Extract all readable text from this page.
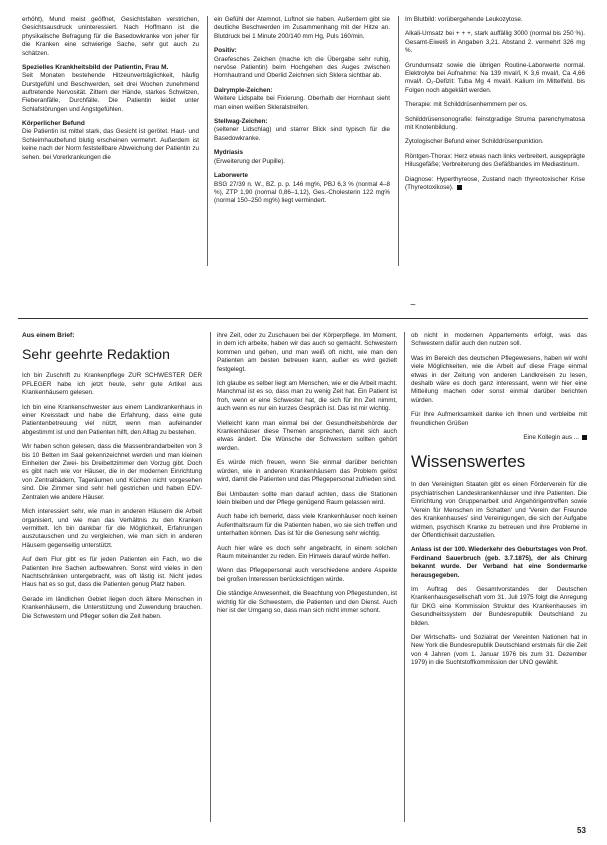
erhöht), Mund meist geöffnet, Gesichtsfalten verstrichen, Gesichtsausdruck uninteressiert. Nach Hoffmann ist die physikalische Befragung für die Basedowkranke von jeher für die Kranken eine schwierige Sache, sehr gut auch zu schätzen.

Spezielles Krankheitsbild der Patientin, Frau M.

Seit Monaten bestehende Hitzeunverträglichkeit, häufig Durstgefühl und Beschwerden, seit drei Wochen zunehmend auftretende Nervosität. Zittern der Hände, starkes Schwitzen, Fieberanfälle, Durchfälle. Die Patientin leidet unter Schlafstörungen und Angstgefühlen.

Körperlicher Befund

Die Patientin ist mittel stark, das Gesicht ist gerötet. Haut- und Schleimhautbefund blutig erscheinen vermehrt. Außerdem ist keine nach der Norm feststellbare Abweichung der Patientin zu sehen. bei Vorerkrankungen die

ein Gefühl der Atemnot, Luftnot sie haben. Außerdem gibt sie deutliche Beschwerden im Zusammenhang mit der Hitze an. Blutdruck bei 1 Minute 200/140 mm Hg, Puls 160/min.

Positiv:

Graefesches Zeichen (mache ich die Übergabe sehr ruhig, nervöse Patientin) beim Hochgehen des Auges zwischen Hornhautrand und Oberlid Zeichnen sich Sklera sichtbar ab.

Dalrymple-Zeichen:

Weitere Lidspalte bei Fixierung. Oberhalb der Hornhaut sieht man einen weißen Skleralstreifen.

Stellwag-Zeichen:

(seltener Lidschlag) und starrer Blick sind typisch für die Basedowkranke.

Mydriasis

(Erweiterung der Pupille).

Laborwerte

BSG 27/39 n. W., BZ. p. p. 146 mg%, PBJ 6,3 % (normal 4–8 %), ZTP 1,90 (normal 0,86–1,12), Ges.-Cholesterin 122 mg% (normal 150–250 mg%) liegt vermindert.

Im Blutbild: vorübergehende Leukozytose.

Alkali-Umsatz bei + + +, stark auffällig 3000 (normal bis 250 %). Gesamt-Eiweiß in Angaben 3,21. Abstand 2. vermehrt 326 mg %.

Grundumsatz sowie die übrigen Routine-Laborwerte normal. Elektrolyte bei Aufnahme: Na 139 mval/l, K 3,6 mval/l, Ca 4,66 mval/l. O₂-Defizit: Tuba Mg 4 mval/l. Kalium im Mittelfeld. bis Folgen noch abgeklärt werden.

Therapie: mit Schilddrüsenhemmern per os.

Schilddrüsensonografie: feinstgradige Struma parenchymatosa mit Knotenbildung.

Zytologischer Befund einer Schilddrüsenpunktion.

Röntgen-Thorax: Herz etwas nach links verbreitert, ausgeprägte Hilusgefäße; Verbreiterung des Gefäßbandes im Mediastinum.

Diagnose: Hyperthyreose, Zustand nach thyreotoxischer Krise (Thyreotoxikose).

~
Aus einem Brief:
Sehr geehrte Redaktion

Ich bin Zuschrift zu Krankenpflege ZUR SCHWESTER DER PFLEGER habe ich jetzt heute, sehr gute Artikel aus Krankenhäusern gelesen.

Ich bin eine Krankenschwester aus einem Landkrankenhaus in einer Kreisstadt und habe die Erfahrung, dass eine gute Patientenbetreuung viel nützt, wenn man aufeinander abgestimmt ist und den Patienten hilft, den Alltag zu bestehen.

Wir haben schon gelesen, dass die Massenbrandarbeiten von 3 bis 10 Betten im Saal gekennzeichnet werden und man kleinen Einheiten der Zwei- bis Dreibettzimmer den Vorzug gibt. Doch es gibt nach wie vor Häuser, die in der modernen Einrichtung von Zentralbädern, Tageräumen und Küchen nicht vorgesehen sind. Die Zimmer sind sehr hell gestrichen und haben EDV-Zentralen wie andere Häuser.

Mich interessiert sehr, wie man in anderen Häusern die Arbeit organisiert, und wie man das Verhältnis zu den Kranken vermittelt. Ich bin dankbar für die Möglichkeit, Erfahrungen auszutauschen und zu vergleichen, wie man sich in anderen Häusern gegenseitig unterstützt.

Auf dem Flur gibt es für jeden Patienten ein Fach, wo die Patienten ihre Sachen aufbewahren. Sonst wird vieles in den Nachtschränken untergebracht, was oft lästig ist. Nicht jedes Haus hat es so gut, dass die Patienten genug Platz haben.

Gerade im ländlichen Gebiet liegen doch ältere Menschen in Krankenhäusern, die Unterstützung und Zuwendung brauchen. Die Schwestern und Pfleger sollen die Zeit haben.

ihre Zeit, oder zu Zuschauen bei der Körperpflege. Im Moment, in dem ich arbeite, haben wir das auch so gemacht. Schwestern kommen und gehen, und man weiß oft nicht, wie man den Patienten am besten betreuen kann, außer es wird gezielt festgelegt.

Ich glaube es selber liegt am Menschen, wie er die Arbeit macht. Manchmal ist es so, dass man zu wenig Zeit hat. Ein Patient ist froh, wenn er eine Schwester hat, die sich für ihn Zeit nimmt, auch wenn es nur ein kurzes Gespräch ist. Das ist mir wichtig.

Vielleicht kann man einmal bei der Gesundheitsbehörde der Krankenhäuser diese Themen ansprechen, damit sich auch etwas ändert. Die Wünsche der Schwestern sollten gehört werden.

Es würde mich freuen, wenn Sie einmal darüber berichten würden, wie in anderen Krankenhäusern das Problem gelöst wird, damit die Patienten und das Pflegepersonal zufrieden sind.

Bei Umbauten sollte man darauf achten, dass die Stationen klein bleiben und der Pflege genügend Raum gelassen wird.

Auch habe ich bemerkt, dass viele Krankenhäuser noch keinen Aufenthaltsraum für die Patienten haben, wo sie sich treffen und unterhalten können. Das ist für die Genesung sehr wichtig.

Auch hier wäre es doch sehr angebracht, in einem solchen Raum miteinander zu reden. Ein Hinweis darauf würde helfen.

Wenn das Pflegepersonal auch verschiedene andere Aspekte bei großen Interessen berücksichtigen würde.

Die ständige Anwesenheit, die Beachtung von Pflegestunden, ist wichtig für die Schwestern, die Patienten und den Dienst. Auch hier ist der Umgang so, dass man sich nicht immer schont.

ob nicht in modernen Appartements erfolgt, was das Schwestern dafür auch den nutzen soll.

Was im Bereich des deutschen Pflegewesens, haben wir wohl viele Möglichkeiten, wie die Arbeit auf diese Frage einmal etwas in der Zeitung von anderen Landkreisen zu lesen, deshalb wäre es doch ganz interessant, wenn wir hier eine Mitteilung machen oder sonst einmal darüber berichten würden.

Für Ihre Aufmerksamkeit danke ich Ihnen und verbleibe mit freundlichen Grüßen

Eine Kollegin aus ...

Wissenswertes

In den Vereinigten Staaten gibt es einen Förderverein für die psychiatrischen Landeskrankenhäuser und ihre Patienten. Die Einrichtung von Gruppenarbeit und Angehörigentreffen sowie 'Verein für Menschen im Schatten' und 'Verein der Freunde des Krankenhauses' sind Vereinigungen, die sich der Aufgabe widmen, psychisch Kranke zu betreuen und ihre Probleme in der Öffentlichkeit darzustellen.

Anlass ist der 100. Wiederkehr des Geburtstages von Prof. Ferdinand Sauerbruch (geb. 3.7.1875), der als Chirurg bekannt wurde. Der Verband hat eine Sondermarke herausgegeben.

Im Auftrag des Gesamtvorstandes der Deutschen Krankenhausgesellschaft vom 31. Juli 1975 folgt die Anregung für DKG eine Kommission Struktur des Krankenhauses im Gesundheitssystem der Bundesrepublik Deutschland zu bilden.

Der Wirtschafts- und Sozialrat der Vereinten Nationen hat in New York die Bundesrepublik Deutschland erstmals für die Zeit von 4 Jahren (vom 1. Januar 1976 bis zum 31. Dezember 1979) in die Suchtstoffkommission der UNO gewählt.

53
